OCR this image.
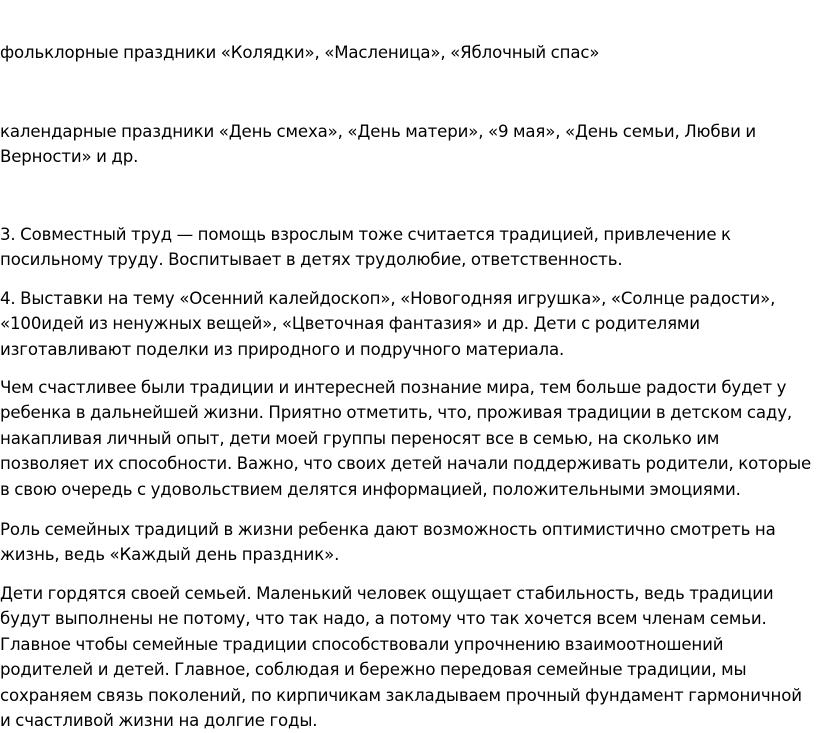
фольклорные праздники «Колядки», «Масленица», «Яблочный спас»

календарные праздники «День смеха», «День матери», «9 мая», «День семьи, Любви и Верности» и др.

3. Совместный труд — помощь взрослым тоже считается традицией, привлечение к посильному труду. Воспитывает в детях трудолюбие, ответственность.

4. Выставки на тему «Осенний калейдоскоп», «Новогодняя игрушка», «Солнце радости», «100идей из ненужных вещей», «Цветочная фантазия» и др. Дети с родителями изготавливают поделки из природного и подручного материала.

Чем счастливее были традиции и интересней познание мира, тем больше радости будет у ребенка в дальнейшей жизни. Приятно отметить, что, проживая традиции в детском саду, накапливая личный опыт, дети моей группы переносят все в семью, на сколько им позволяет их способности. Важно, что своих детей начали поддерживать родители, которые в свою очередь с удовольствием делятся информацией, положительными эмоциями.

Роль семейных традиций в жизни ребенка дают возможность оптимистично смотреть на жизнь, ведь «Каждый день праздник».

Дети гордятся своей семьей. Маленький человек ощущает стабильность, ведь традиции будут выполнены не потому, что так надо, а потому что так хочется всем членам семьи. Главное чтобы семейные традиции способствовали упрочнению взаимоотношений родителей и детей. Главное, соблюдая и бережно передовая семейные традиции, мы сохраняем связь поколений, по кирпичикам закладываем прочный фундамент гармоничной и счастливой жизни на долгие годы.
